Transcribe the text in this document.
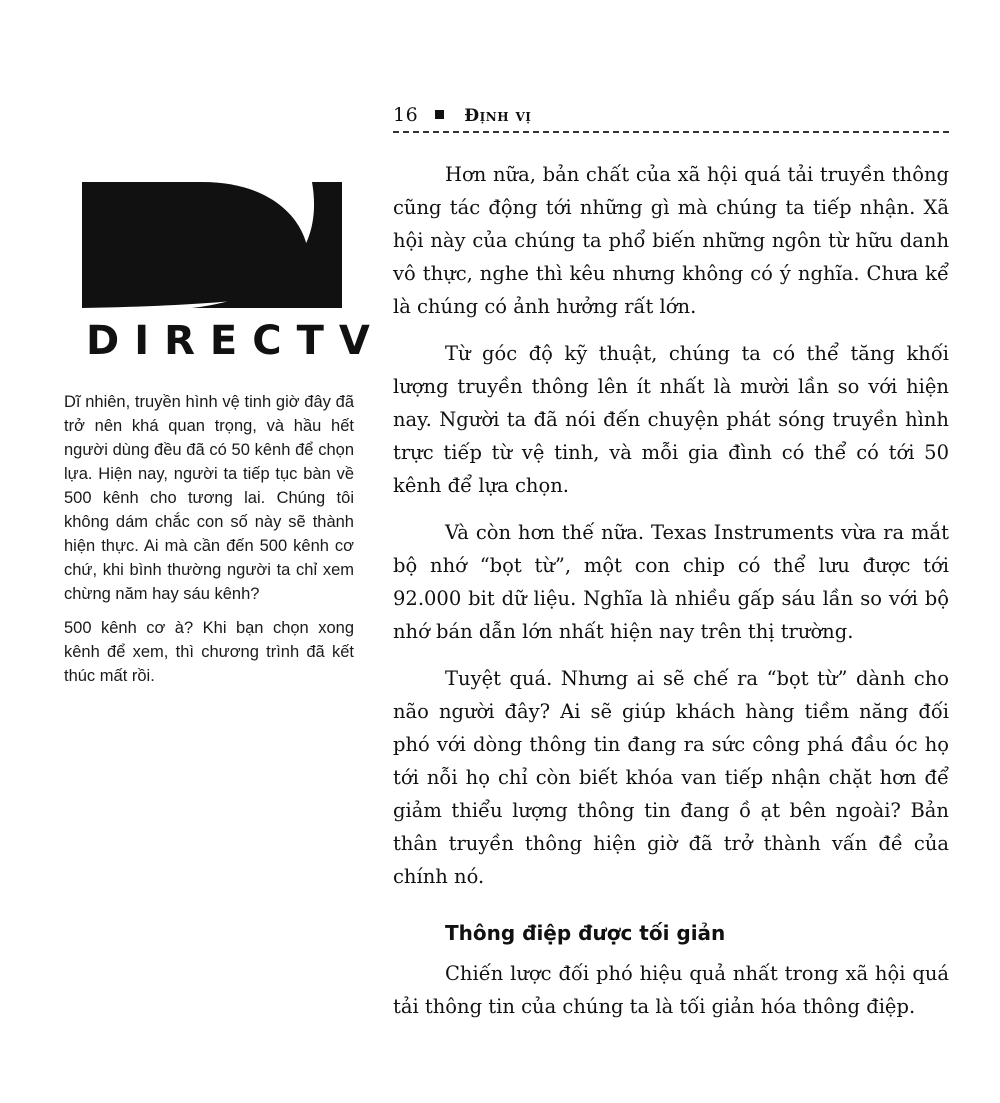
16	Định vị
DIRECTV

Dĩ nhiên, truyền hình vệ tinh giờ đây đã trở nên khá quan trọng, và hầu hết người dùng đều đã có 50 kênh để chọn lựa. Hiện nay, người ta tiếp tục bàn về 500 kênh cho tương lai. Chúng tôi không dám chắc con số này sẽ thành hiện thực. Ai mà cần đến 500 kênh cơ chứ, khi bình thường người ta chỉ xem chừng năm hay sáu kênh?

500 kênh cơ à? Khi bạn chọn xong kênh để xem, thì chương trình đã kết thúc mất rồi.

Hơn nữa, bản chất của xã hội quá tải truyền thông cũng tác động tới những gì mà chúng ta tiếp nhận. Xã hội này của chúng ta phổ biến những ngôn từ hữu danh vô thực, nghe thì kêu nhưng không có ý nghĩa. Chưa kể là chúng có ảnh hưởng rất lớn.

Từ góc độ kỹ thuật, chúng ta có thể tăng khối lượng truyền thông lên ít nhất là mười lần so với hiện nay. Người ta đã nói đến chuyện phát sóng truyền hình trực tiếp từ vệ tinh, và mỗi gia đình có thể có tới 50 kênh để lựa chọn.

Và còn hơn thế nữa. Texas Instruments vừa ra mắt bộ nhớ “bọt từ”, một con chip có thể lưu được tới 92.000 bit dữ liệu. Nghĩa là nhiều gấp sáu lần so với bộ nhớ bán dẫn lớn nhất hiện nay trên thị trường.

Tuyệt quá. Nhưng ai sẽ chế ra “bọt từ” dành cho não người đây? Ai sẽ giúp khách hàng tiềm năng đối phó với dòng thông tin đang ra sức công phá đầu óc họ tới nỗi họ chỉ còn biết khóa van tiếp nhận chặt hơn để giảm thiểu lượng thông tin đang ồ ạt bên ngoài? Bản thân truyền thông hiện giờ đã trở thành vấn đề của chính nó.

Thông điệp được tối giản

Chiến lược đối phó hiệu quả nhất trong xã hội quá tải thông tin của chúng ta là tối giản hóa thông điệp.
